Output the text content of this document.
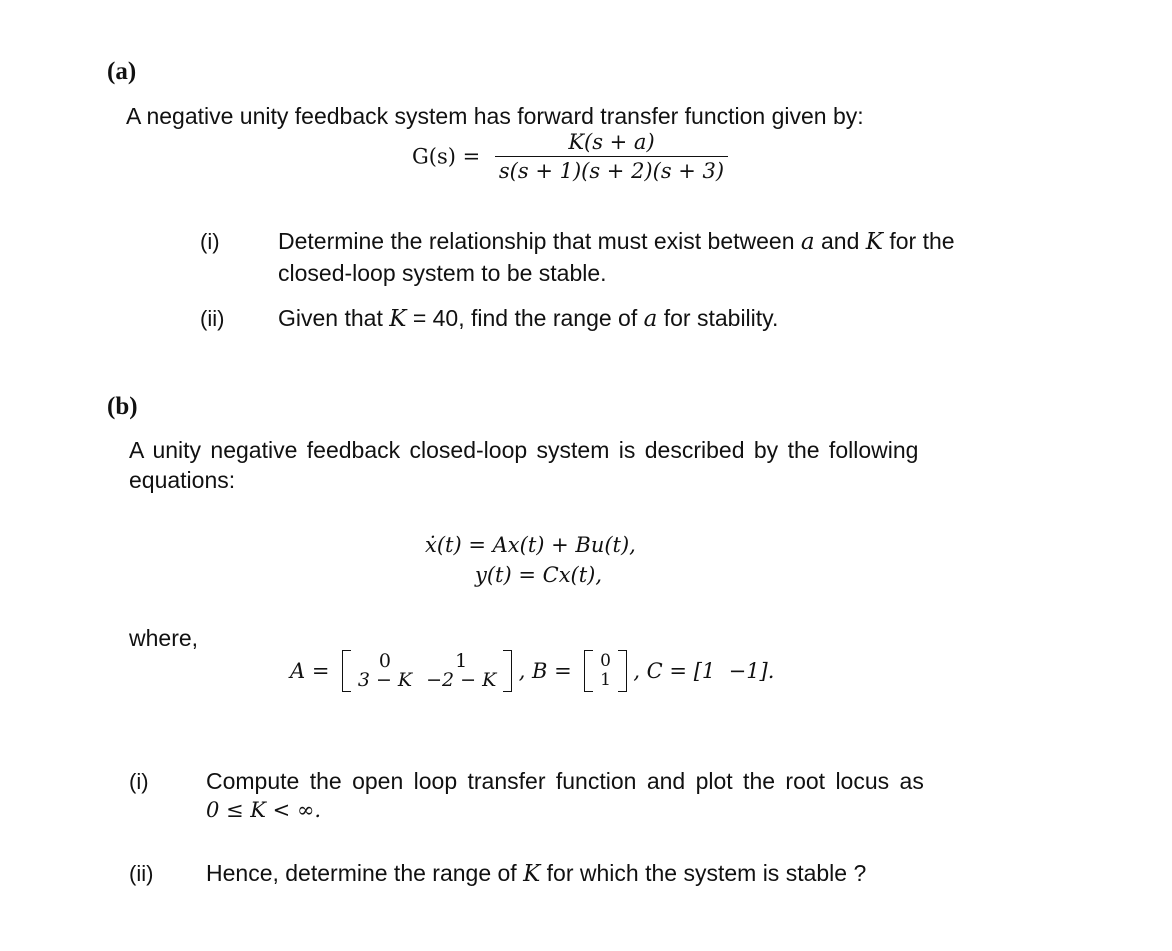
(a)
A negative unity feedback system has forward transfer function given by:
$G(s) = \frac{K(s + a)}{s(s + 1)(s + 2)(s + 3)}$
(i)	Determine the relationship that must exist between a and K for the
closed-loop system to be stable.
(ii) Given that K = 40, find the range of a for stability.
(b)
A unity negative feedback closed-loop system is described by the following
equations:
ẋ(t) = Ax(t) + Bu(t),
y(t) = Cx(t),
where,
A =	0	1
3 − K −2 − K , B = 0
1 , C = [1  −1].
(i) Compute the open loop transfer function and plot the root locus as
0 ≤ K < ∞.
(ii) Hence, determine the range of K for which the system is stable ?
